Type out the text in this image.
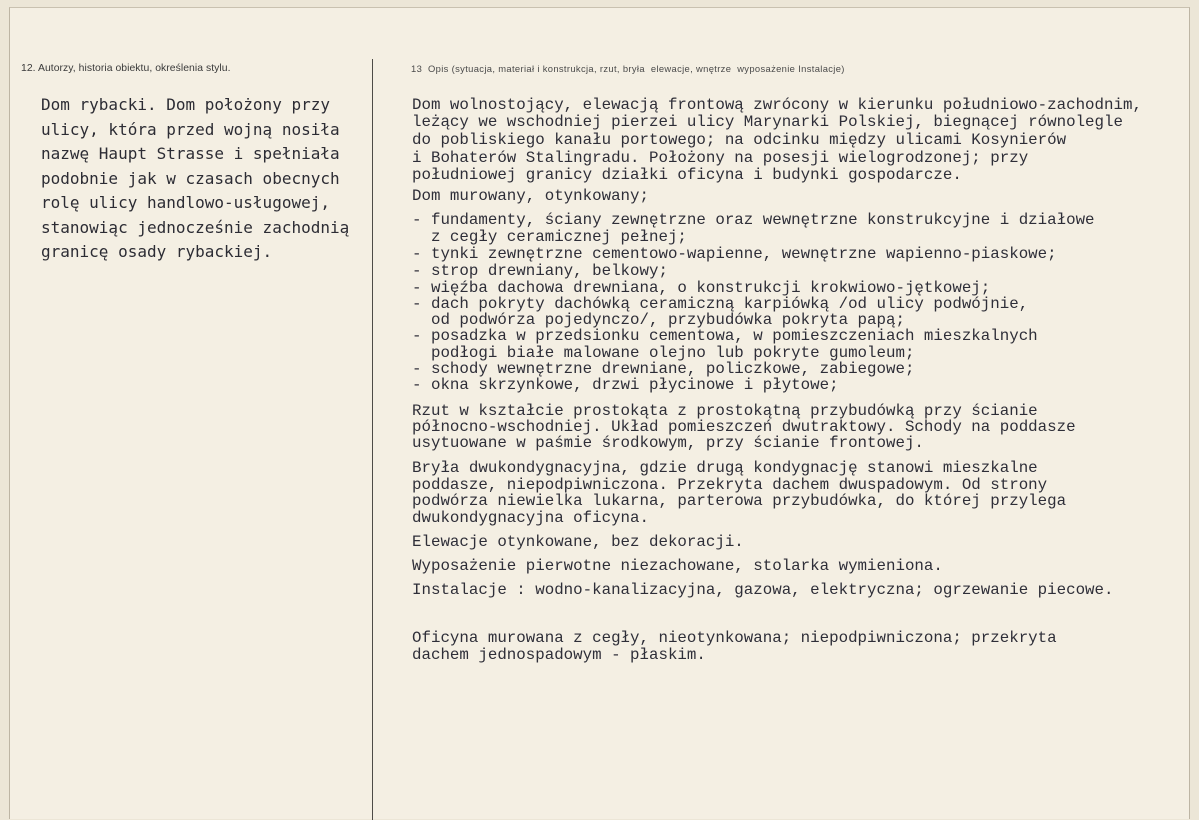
12. Autorzy, historia obiektu, określenia stylu.	13  Opis (sytuacja, materiał i konstrukcja, rzut, bryła  elewacje, wnętrze  wyposażenie Instalacje)
Dom rybacki. Dom położony przy
ulicy, która przed wojną nosiła
nazwę Haupt Strasse i spełniała
podobnie jak w czasach obecnych
rolę ulicy handlowo-usługowej,
stanowiąc jednocześnie zachodnią
granicę osady rybackiej.
Dom wolnostojący, elewacją frontową zwrócony w kierunku południowo-zachodnim,
leżący we wschodniej pierzei ulicy Marynarki Polskiej, biegnącej równolegle
do pobliskiego kanału portowego; na odcinku między ulicami Kosynierów
i Bohaterów Stalingradu. Położony na posesji wielogrodzonej; przy
południowej granicy działki oficyna i budynki gospodarcze.
Dom murowany, otynkowany;
- fundamenty, ściany zewnętrzne oraz wewnętrzne konstrukcyjne i działowe
z cegły ceramicznej pełnej;
- tynki zewnętrzne cementowo-wapienne, wewnętrzne wapienno-piaskowe;
- strop drewniany, belkowy;
- więźba dachowa drewniana, o konstrukcji krokwiowo-jętkowej;
- dach pokryty dachówką ceramiczną karpiówką /od ulicy podwójnie,
od podwórza pojedynczo/, przybudówka pokryta papą;
- posadzka w przedsionku cementowa, w pomieszczeniach mieszkalnych
podłogi białe malowane olejno lub pokryte gumoleum;
- schody wewnętrzne drewniane, policzkowe, zabiegowe;
- okna skrzynkowe, drzwi płycinowe i płytowe;
Rzut w kształcie prostokąta z prostokątną przybudówką przy ścianie
północno-wschodniej. Układ pomieszczeń dwutraktowy. Schody na poddasze
usytuowane w paśmie środkowym, przy ścianie frontowej.
Bryła dwukondygnacyjna, gdzie drugą kondygnację stanowi mieszkalne
poddasze, niepodpiwniczona. Przekryta dachem dwuspadowym. Od strony
podwórza niewielka lukarna, parterowa przybudówka, do której przylega
dwukondygnacyjna oficyna.
Elewacje otynkowane, bez dekoracji.
Wyposażenie pierwotne niezachowane, stolarka wymieniona.
Instalacje : wodno-kanalizacyjna, gazowa, elektryczna; ogrzewanie piecowe.
Oficyna murowana z cegły, nieotynkowana; niepodpiwniczona; przekryta
dachem jednospadowym - płaskim.
